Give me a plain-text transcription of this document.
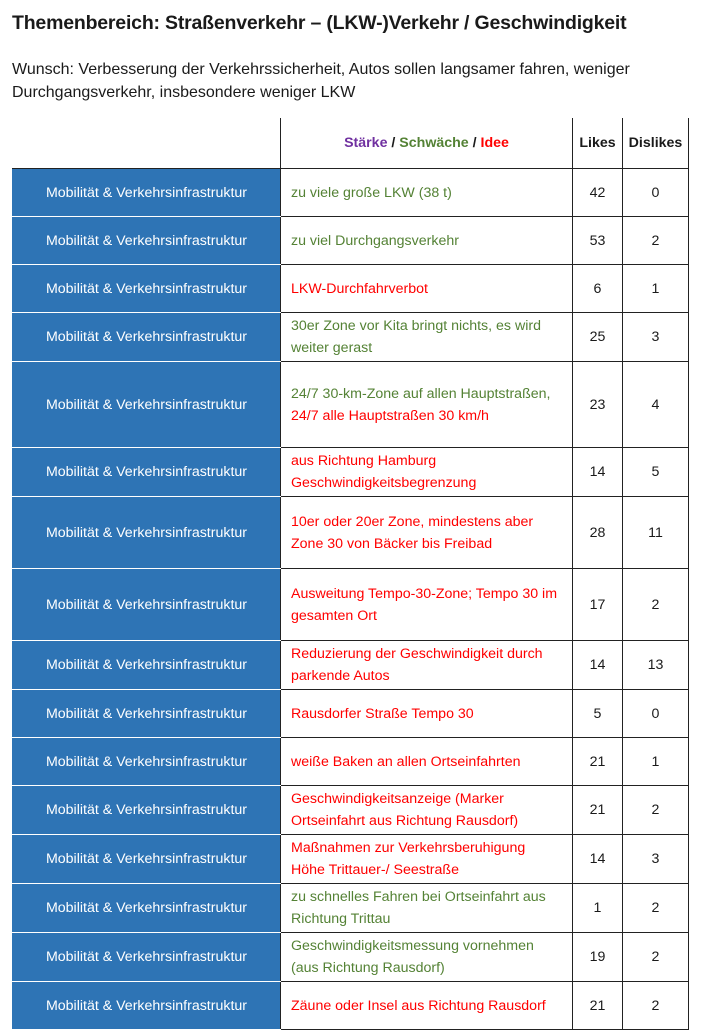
Themenbereich: Straßenverkehr – (LKW-)Verkehr / Geschwindigkeit
Wunsch: Verbesserung der Verkehrssicherheit, Autos sollen langsamer fahren, weniger Durchgangsverkehr, insbesondere weniger LKW
	Stärke / Schwäche / Idee	Likes	Dislikes
Mobilität & Verkehrsinfrastruktur	zu viele große LKW (38 t)	42	0
Mobilität & Verkehrsinfrastruktur	zu viel Durchgangsverkehr	53	2
Mobilität & Verkehrsinfrastruktur	LKW-Durchfahrverbot	6	1
Mobilität & Verkehrsinfrastruktur	30er Zone vor Kita bringt nichts, es wird weiter gerast	25	3
Mobilität & Verkehrsinfrastruktur	24/7 30-km-Zone auf allen Hauptstraßen, 24/7 alle Hauptstraßen 30 km/h	23	4
Mobilität & Verkehrsinfrastruktur	aus Richtung Hamburg Geschwindigkeitsbegrenzung	14	5
Mobilität & Verkehrsinfrastruktur	10er oder 20er Zone, mindestens aber Zone 30 von Bäcker bis Freibad	28	11
Mobilität & Verkehrsinfrastruktur	Ausweitung Tempo-30-Zone; Tempo 30 im gesamten Ort	17	2
Mobilität & Verkehrsinfrastruktur	Reduzierung der Geschwindigkeit durch parkende Autos	14	13
Mobilität & Verkehrsinfrastruktur	Rausdorfer Straße Tempo 30	5	0
Mobilität & Verkehrsinfrastruktur	weiße Baken an allen Ortseinfahrten	21	1
Mobilität & Verkehrsinfrastruktur	Geschwindigkeitsanzeige (Marker Ortseinfahrt aus Richtung Rausdorf)	21	2
Mobilität & Verkehrsinfrastruktur	Maßnahmen zur Verkehrsberuhigung Höhe Trittauer-/ Seestraße	14	3
Mobilität & Verkehrsinfrastruktur	zu schnelles Fahren bei Ortseinfahrt aus Richtung Trittau	1	2
Mobilität & Verkehrsinfrastruktur	Geschwindigkeitsmessung vornehmen (aus Richtung Rausdorf)	19	2
Mobilität & Verkehrsinfrastruktur	Zäune oder Insel aus Richtung Rausdorf	21	2
